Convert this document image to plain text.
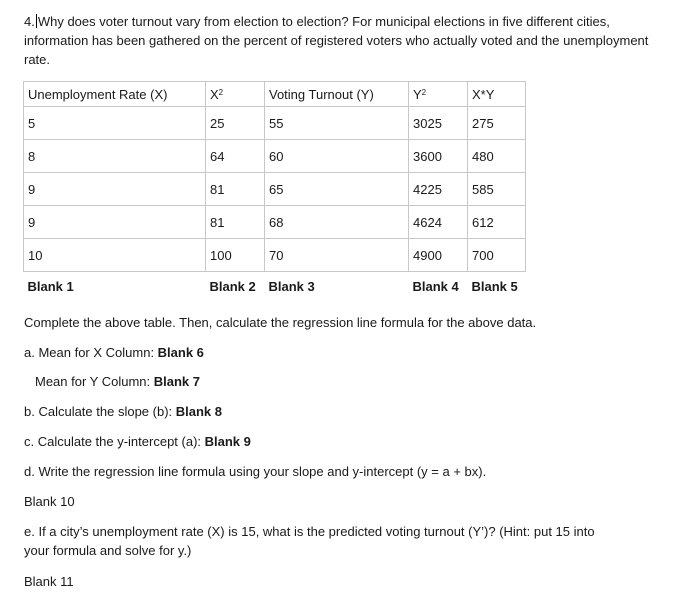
4. Why does voter turnout vary from election to election? For municipal elections in five different cities, information has been gathered on the percent of registered voters who actually voted and the unemployment rate.
Unemployment Rate (X)	$X^2$	Voting Turnout (Y)	$Y^2$	X*Y
5	25	55	3025	275
8	64	60	3600	480
9	81	65	4225	585
9	81	68	4624	612
10	100	70	4900	700
Blank 1	Blank 2	Blank 3	Blank 4	Blank 5
Complete the above table. Then, calculate the regression line formula for the above data.
a. Mean for X Column: Blank 6
Mean for Y Column: Blank 7
b. Calculate the slope (b): Blank 8
c. Calculate the y-intercept (a): Blank 9
d. Write the regression line formula using your slope and y-intercept (y = a + bx).
Blank 10
e. If a city’s unemployment rate (X) is 15, what is the predicted voting turnout (Y’)? (Hint: put 15 into
your formula and solve for y.)
Blank 11
